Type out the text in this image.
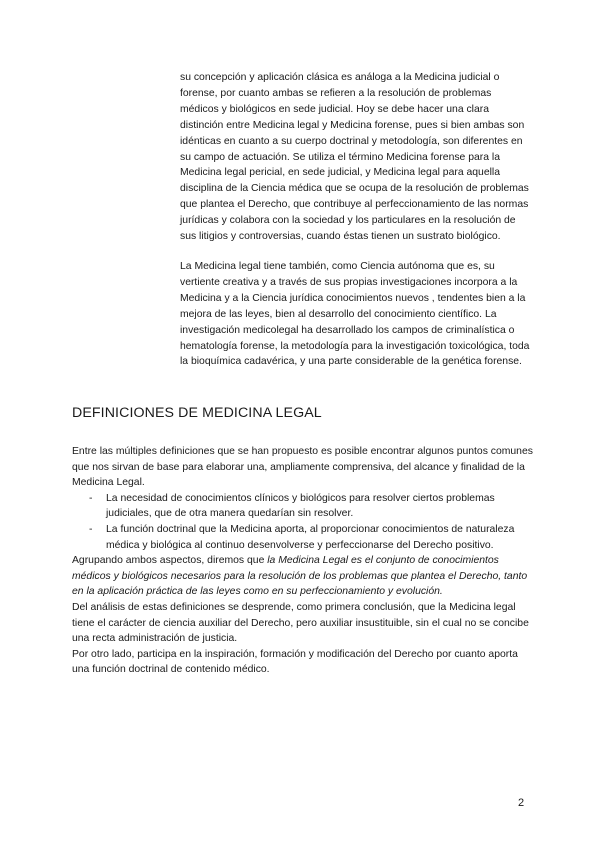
su concepción y aplicación clásica es análoga a la Medicina judicial o forense, por cuanto ambas se refieren a la resolución de problemas médicos y biológicos en sede judicial. Hoy se debe hacer una clara distinción entre Medicina legal y Medicina forense, pues si bien ambas son idénticas en cuanto a su cuerpo doctrinal y metodología, son diferentes en su campo de actuación. Se utiliza el término Medicina forense para la Medicina legal pericial, en sede judicial, y Medicina legal para aquella disciplina de la Ciencia médica que se ocupa de la resolución de problemas que plantea el Derecho, que contribuye al perfeccionamiento de las normas jurídicas y colabora con la sociedad y los particulares en la resolución de sus litigios y controversias, cuando éstas tienen un sustrato biológico.

La Medicina legal tiene también, como Ciencia autónoma que es, su vertiente creativa y a través de sus propias investigaciones incorpora a la Medicina y a la Ciencia jurídica conocimientos nuevos , tendentes bien a la mejora de las leyes, bien al desarrollo del conocimiento científico. La investigación medicolegal ha desarrollado los campos de criminalística o hematología forense, la metodología para la investigación toxicológica, toda la bioquímica cadavérica, y una parte considerable de la genética forense.

DEFINICIONES DE MEDICINA LEGAL

Entre las múltiples definiciones que se han propuesto es posible encontrar algunos puntos comunes que nos sirvan de base para elaborar una, ampliamente comprensiva, del alcance y finalidad de la Medicina Legal.

- La necesidad de conocimientos clínicos y biológicos para resolver ciertos problemas judiciales, que de otra manera quedarían sin resolver.
- La función doctrinal que la Medicina aporta, al proporcionar conocimientos de naturaleza médica y biológica al continuo desenvolverse y perfeccionarse del Derecho positivo.

Agrupando ambos aspectos, diremos que la Medicina Legal es el conjunto de conocimientos médicos y biológicos necesarios para la resolución de los problemas que plantea el Derecho, tanto en la aplicación práctica de las leyes como en su perfeccionamiento y evolución.

Del análisis de estas definiciones se desprende, como primera conclusión, que la Medicina legal tiene el carácter de ciencia auxiliar del Derecho, pero auxiliar insustituible, sin el cual no se concibe una recta administración de justicia.

Por otro lado, participa en la inspiración, formación y modificación del Derecho por cuanto aporta una función doctrinal de contenido médico.

2
